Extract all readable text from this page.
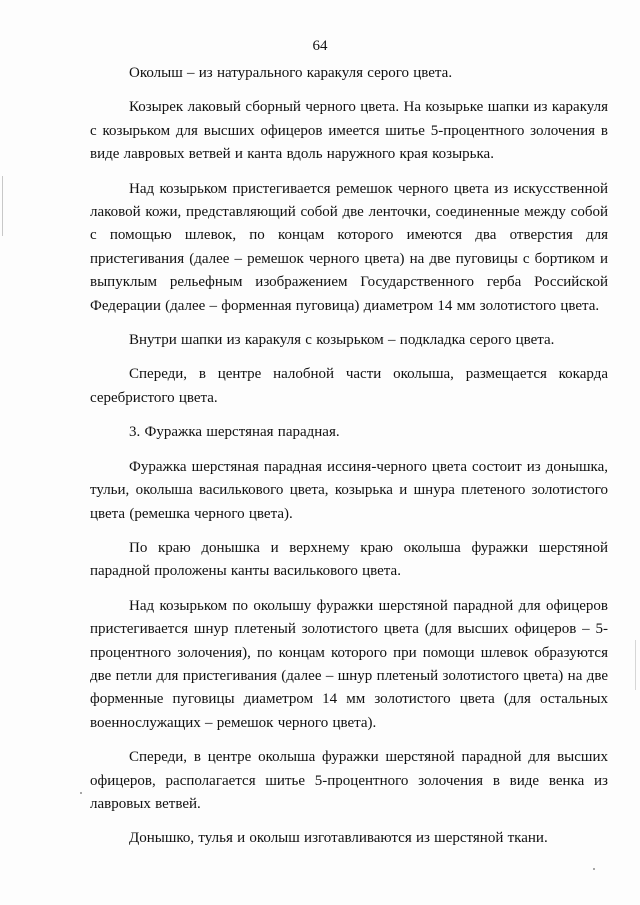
64

Околыш – из натурального каракуля серого цвета.

Козырек лаковый сборный черного цвета. На козырьке шапки из каракуля с козырьком для высших офицеров имеется шитье 5-процентного золочения в виде лавровых ветвей и канта вдоль наружного края козырька.

Над козырьком пристегивается ремешок черного цвета из искусственной лаковой кожи, представляющий собой две ленточки, соединенные между собой с помощью шлевок, по концам которого имеются два отверстия для пристегивания (далее – ремешок черного цвета) на две пуговицы с бортиком и выпуклым рельефным изображением Государственного герба Российской Федерации (далее – форменная пуговица) диаметром 14 мм золотистого цвета.

Внутри шапки из каракуля с козырьком – подкладка серого цвета.

Спереди, в центре налобной части околыша, размещается кокарда серебристого цвета.

3. Фуражка шерстяная парадная.

Фуражка шерстяная парадная иссиня-черного цвета состоит из донышка, тульи, околыша василькового цвета, козырька и шнура плетеного золотистого цвета (ремешка черного цвета).

По краю донышка и верхнему краю околыша фуражки шерстяной парадной проложены канты василькового цвета.

Над козырьком по околышу фуражки шерстяной парадной для офицеров пристегивается шнур плетеный золотистого цвета (для высших офицеров – 5-процентного золочения), по концам которого при помощи шлевок образуются две петли для пристегивания (далее – шнур плетеный золотистого цвета) на две форменные пуговицы диаметром 14 мм золотистого цвета (для остальных военнослужащих – ремешок черного цвета).

Спереди, в центре околыша фуражки шерстяной парадной для высших офицеров, располагается шитье 5-процентного золочения в виде венка из лавровых ветвей.

Донышко, тулья и околыш изготавливаются из шерстяной ткани.
